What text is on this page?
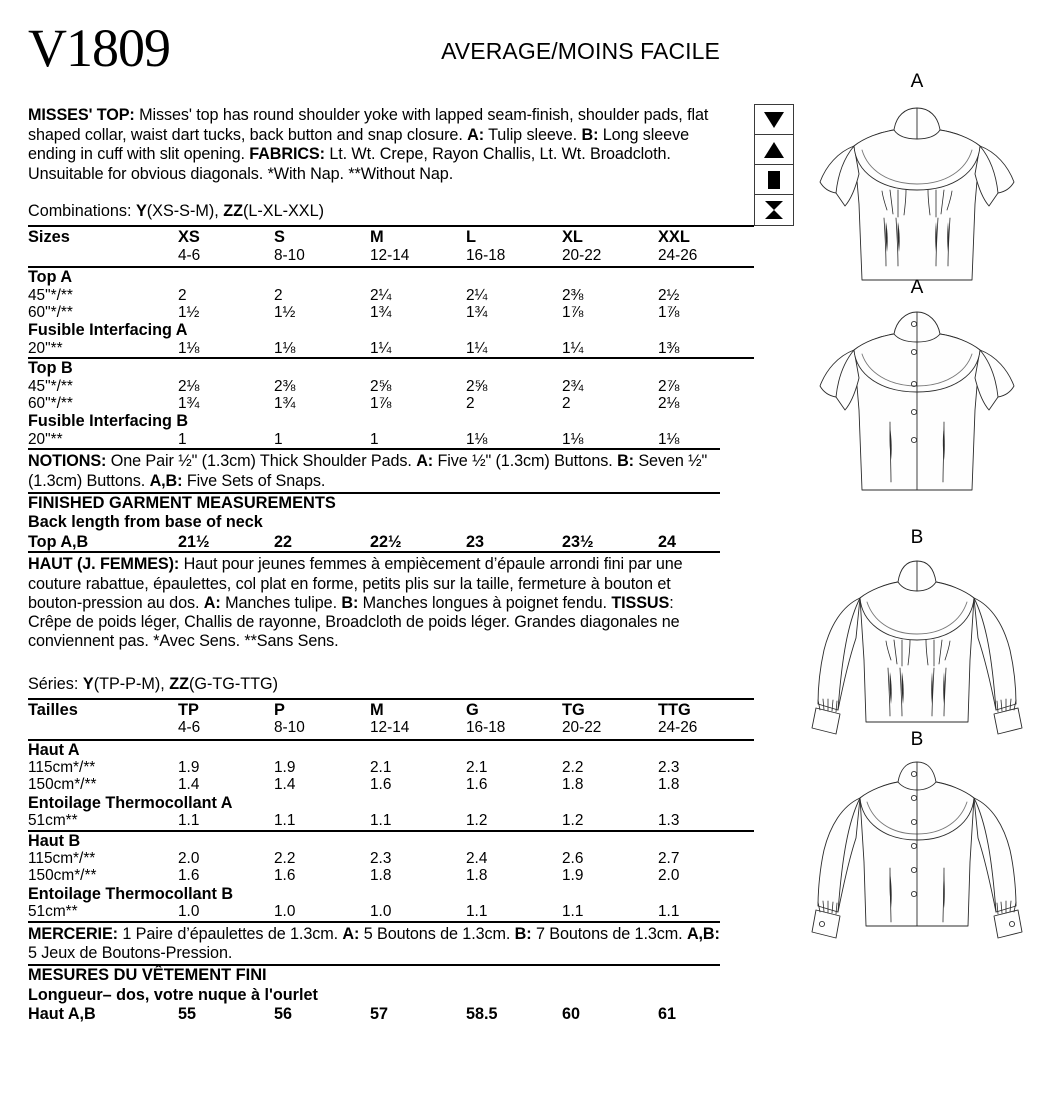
V1809	AVERAGE/MOINS FACILE
MISSES' TOP: Misses' top has round shoulder yoke with lapped seam-finish, shoulder pads, flat shaped collar, waist dart tucks, back button and snap closure. A: Tulip sleeve. B: Long sleeve ending in cuff with slit opening. FABRICS: Lt. Wt. Crepe, Rayon Challis, Lt. Wt. Broadcloth. Unsuitable for obvious diagonals. *With Nap. **Without Nap.
Combinations: Y(XS-S-M), ZZ(L-XL-XXL)
Sizes	XS	S	M	L	XL	XXL
	4-6	8-10	12-14	16-18	20-22	24-26
Top A						
45"*/**	2	2	2¼	2¼	2⅜	2½
60"*/**	1½	1½	1¾	1¾	1⅞	1⅞
Fusible Interfacing A						
20"**	1⅛	1⅛	1¼	1¼	1¼	1⅜
Top B						
45"*/**	2⅛	2⅜	2⅝	2⅝	2¾	2⅞
60"*/**	1¾	1¾	1⅞	2	2	2⅛
Fusible Interfacing B						
20"**	1	1	1	1⅛	1⅛	1⅛
NOTIONS: One Pair ½" (1.3cm) Thick Shoulder Pads. A: Five ½" (1.3cm) Buttons. B: Seven ½" (1.3cm) Buttons. A,B: Five Sets of Snaps.
FINISHED GARMENT MEASUREMENTS
Back length from base of neck
Top A,B	21½	22	22½	23	23½	24
HAUT (J. FEMMES): Haut pour jeunes femmes à empiècement d’épaule arrondi fini par une couture rabattue, épaulettes, col plat en forme, petits plis sur la taille, fermeture à bouton et bouton-pression au dos. A: Manches tulipe. B: Manches longues à poignet fendu. TISSUS: Crêpe de poids léger, Challis de rayonne, Broadcloth de poids léger. Grandes diagonales ne conviennent pas. *Avec Sens. **Sans Sens.
Séries: Y(TP-P-M), ZZ(G-TG-TTG)
Tailles	TP	P	M	G	TG	TTG
	4-6	8-10	12-14	16-18	20-22	24-26
Haut A						
115cm*/**	1.9	1.9	2.1	2.1	2.2	2.3
150cm*/**	1.4	1.4	1.6	1.6	1.8	1.8
Entoilage Thermocollant A						
51cm**	1.1	1.1	1.1	1.2	1.2	1.3
Haut B						
115cm*/**	2.0	2.2	2.3	2.4	2.6	2.7
150cm*/**	1.6	1.6	1.8	1.8	1.9	2.0
Entoilage Thermocollant B						
51cm**	1.0	1.0	1.0	1.1	1.1	1.1
MERCERIE: 1 Paire d’épaulettes de 1.3cm. A: 5 Boutons de 1.3cm. B: 7 Boutons de 1.3cm. A,B: 5 Jeux de Boutons-Pression.
MESURES DU VÊTEMENT FINI
Longueur– dos, votre nuque à l'ourlet
Haut A,B	55	56	57	58.5	60	61
A
A
B
B
